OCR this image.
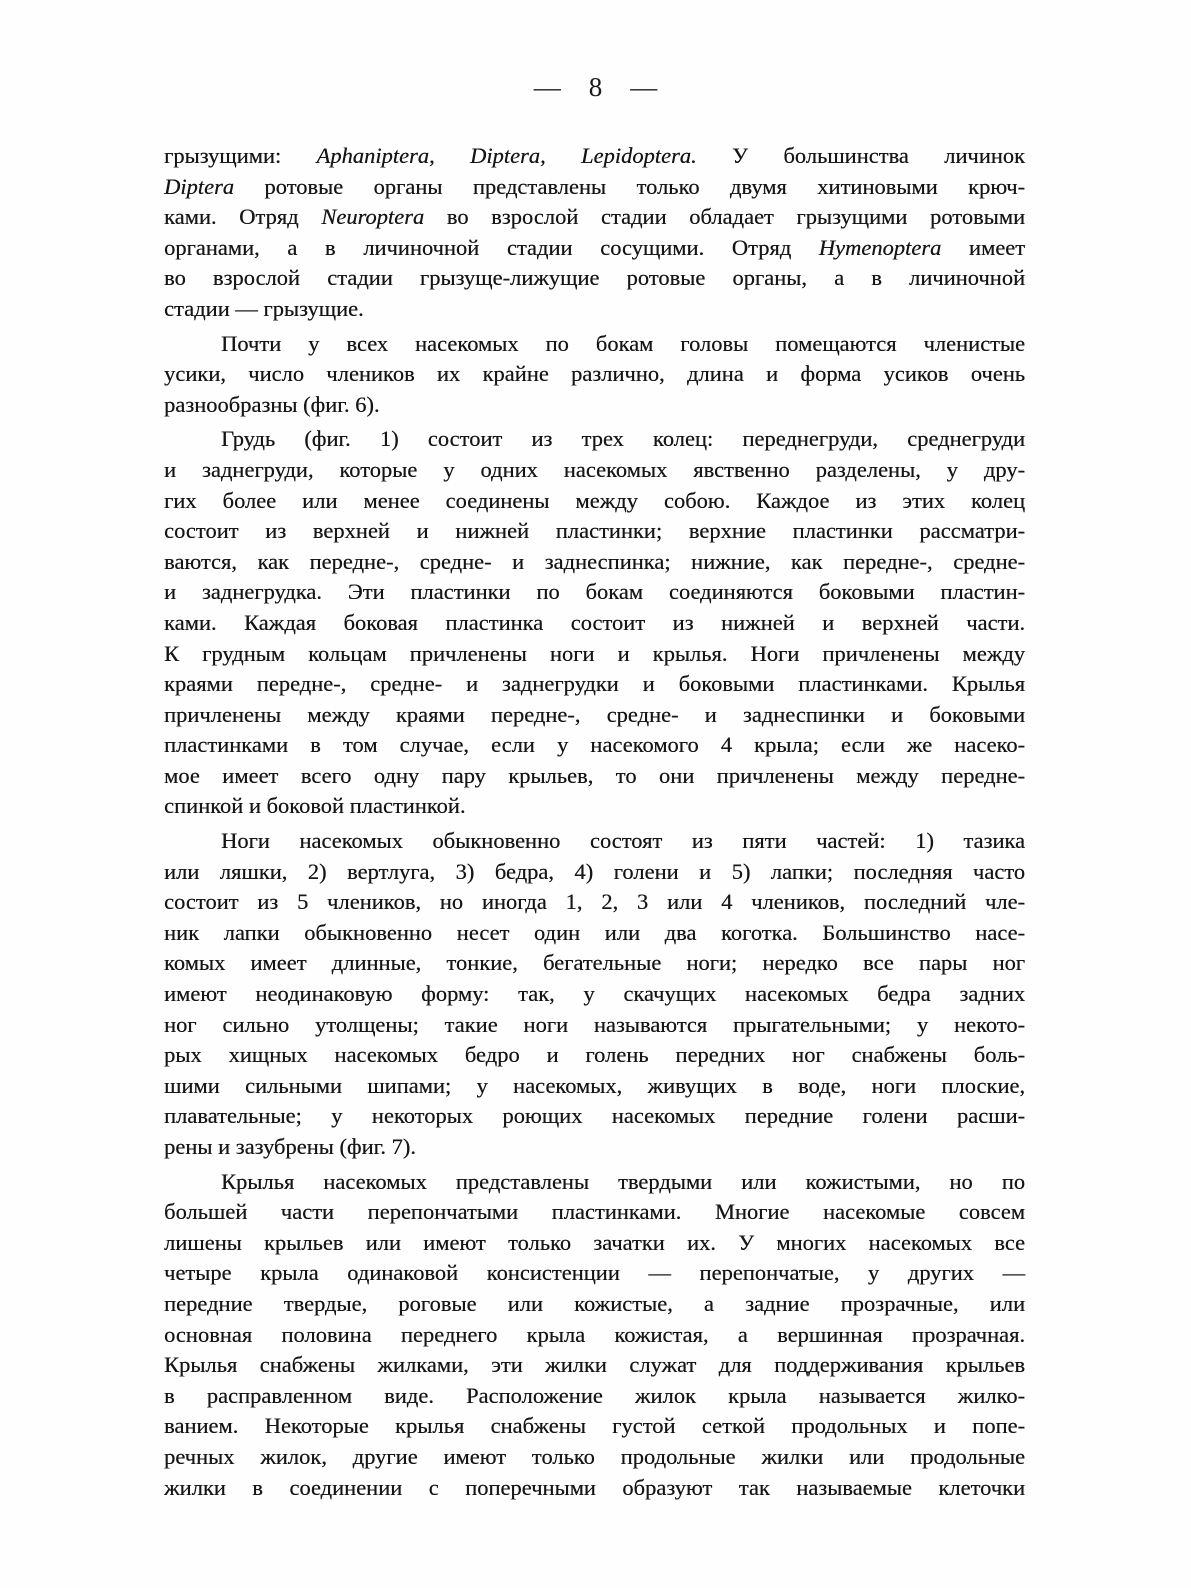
— 8 —
грызущими: Aphaniptera, Diptera, Lepidoptera. У большинства личинок
Diptera ротовые органы представлены только двумя хитиновыми крюч-
ками. Отряд Neuroptera во взрослой стадии обладает грызущими ротовыми
органами, а в личиночной стадии сосущими. Отряд Hymenoptera имеет
во взрослой стадии грызуще-лижущие ротовые органы, а в личиночной
стадии — грызущие.
Почти у всех насекомых по бокам головы помещаются членистые
усики, число члеников их крайне различно, длина и форма усиков очень
разнообразны (фиг. 6).
Грудь (фиг. 1) состоит из трех колец: переднегруди, среднегруди
и заднегруди, которые у одних насекомых явственно разделены, у дру-
гих более или менее соединены между собою. Каждое из этих колец
состоит из верхней и нижней пластинки; верхние пластинки рассматри-
ваются, как передне-, средне- и заднеспинка; нижние, как передне-, средне-
и заднегрудка. Эти пластинки по бокам соединяются боковыми пластин-
ками. Каждая боковая пластинка состоит из нижней и верхней части.
К грудным кольцам причленены ноги и крылья. Ноги причленены между
краями передне-, средне- и заднегрудки и боковыми пластинками. Крылья
причленены между краями передне-, средне- и заднеспинки и боковыми
пластинками в том случае, если у насекомого 4 крыла; если же насеко-
мое имеет всего одну пару крыльев, то они причленены между передне-
спинкой и боковой пластинкой.
Ноги насекомых обыкновенно состоят из пяти частей: 1) тазика
или ляшки, 2) вертлуга, 3) бедра, 4) голени и 5) лапки; последняя часто
состоит из 5 члеников, но иногда 1, 2, 3 или 4 члеников, последний чле-
ник лапки обыкновенно несет один или два коготка. Большинство насе-
комых имеет длинные, тонкие, бегательные ноги; нередко все пары ног
имеют неодинаковую форму: так, у скачущих насекомых бедра задних
ног сильно утолщены; такие ноги называются прыгательными; у некото-
рых хищных насекомых бедро и голень передних ног снабжены боль-
шими сильными шипами; у насекомых, живущих в воде, ноги плоские,
плавательные; у некоторых роющих насекомых передние голени расши-
рены и зазубрены (фиг. 7).
Крылья насекомых представлены твердыми или кожистыми, но по
большей части перепончатыми пластинками. Многие насекомые совсем
лишены крыльев или имеют только зачатки их. У многих насекомых все
четыре крыла одинаковой консистенции — перепончатые, у других —
передние твердые, роговые или кожистые, а задние прозрачные, или
основная половина переднего крыла кожистая, а вершинная прозрачная.
Крылья снабжены жилками, эти жилки служат для поддерживания крыльев
в расправленном виде. Расположение жилок крыла называется жилко-
ванием. Некоторые крылья снабжены густой сеткой продольных и попе-
речных жилок, другие имеют только продольные жилки или продольные
жилки в соединении с поперечными образуют так называемые клеточки
